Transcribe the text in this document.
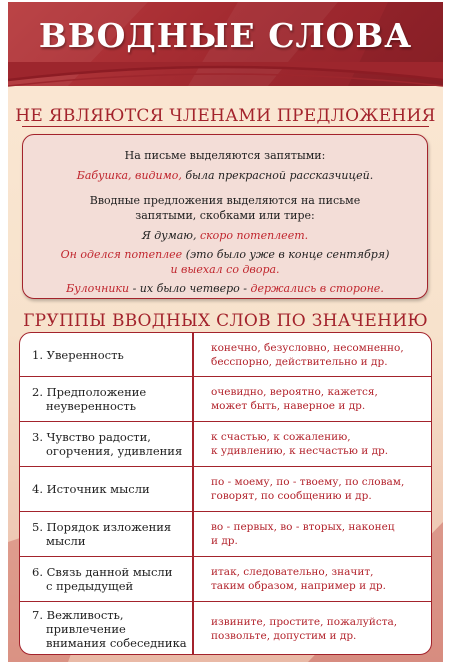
ВВОДНЫЕ СЛОВА
НЕ ЯВЛЯЮТСЯ ЧЛЕНАМИ ПРЕДЛОЖЕНИЯ
На письме выделяются запятыми:
Бабушка, видимо, была прекрасной рассказчицей.
Вводные предложения выделяются на письме
запятыми, скобками или тире:
Я думаю, скоро потеплеет.
Он оделся потеплее (это было уже в конце сентября)
и выехал со двора.
Булочники - их было четверо - держались в стороне.
ГРУППЫ ВВОДНЫХ СЛОВ ПО ЗНАЧЕНИЮ
1. Уверенность	конечно, безусловно, несомненно,
бесспорно, действительно и др.
2. Предположение
неуверенность
очевидно, вероятно, кажется,
может быть, наверное и др.
3. Чувство радости,
огорчения, удивления
к счастью, к сожалению,
к удивлению, к несчастью и др.
4. Источник мысли	по - моему, по - твоему, по словам,
говорят, по сообщению и др.
5. Порядок изложения
мысли
во - первых, во - вторых, наконец
и др.
6. Связь данной мысли
с предыдущей
итак, следовательно, значит,
таким образом, например и др.
7. Вежливость,
привлечение
внимания собеседника
извините, простите, пожалуйста,
позвольте, допустим и др.
